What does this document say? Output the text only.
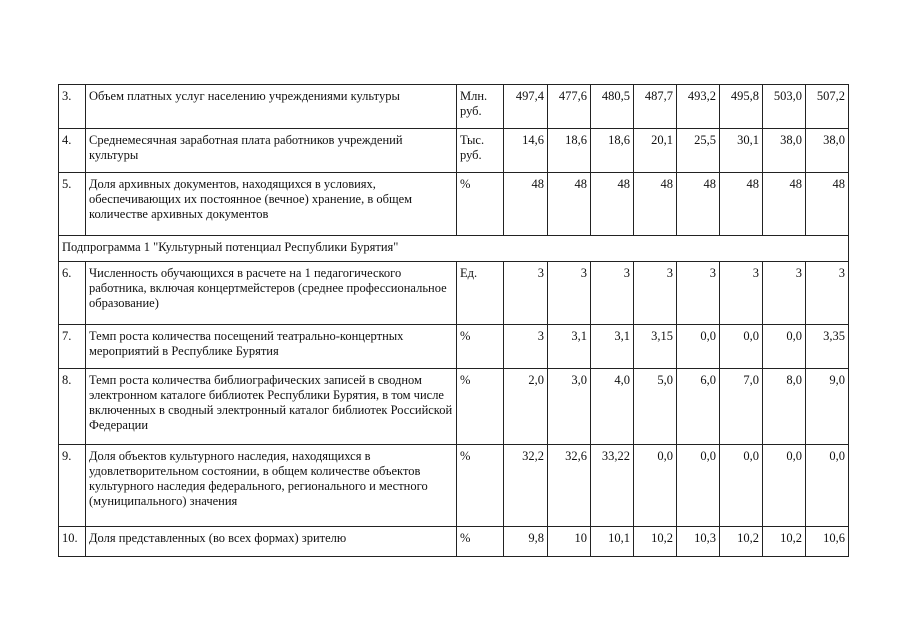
3.	Объем платных услуг населению учреждениями культуры	Млн. руб.	497,4	477,6	480,5	487,7	493,2	495,8	503,0	507,2
4.	Среднемесячная заработная плата работников учреждений культуры	Тыс. руб.	14,6	18,6	18,6	20,1	25,5	30,1	38,0	38,0
5.	Доля архивных документов, находящихся в условиях, обеспечивающих их постоянное (вечное) хранение, в общем количестве архивных документов	%	48	48	48	48	48	48	48	48
Подпрограмма 1 "Культурный потенциал Республики Бурятия"										
6.	Численность обучающихся в расчете на 1 педагогического работника, включая концертмейстеров (среднее профессиональное образование)	Ед.	3	3	3	3	3	3	3	3
7.	Темп роста количества посещений театрально-концертных мероприятий в Республике Бурятия	%	3	3,1	3,1	3,15	0,0	0,0	0,0	3,35
8.	Темп роста количества библиографических записей в сводном электронном каталоге библиотек Республики Бурятия, в том числе включенных в сводный электронный каталог библиотек Российской Федерации	%	2,0	3,0	4,0	5,0	6,0	7,0	8,0	9,0
9.	Доля объектов культурного наследия, находящихся в удовлетворительном состоянии, в общем количестве объектов культурного наследия федерального, регионального и местного (муниципального) значения	%	32,2	32,6	33,22	0,0	0,0	0,0	0,0	0,0
10.	Доля представленных (во всех формах) зрителю	%	9,8	10	10,1	10,2	10,3	10,2	10,2	10,6
